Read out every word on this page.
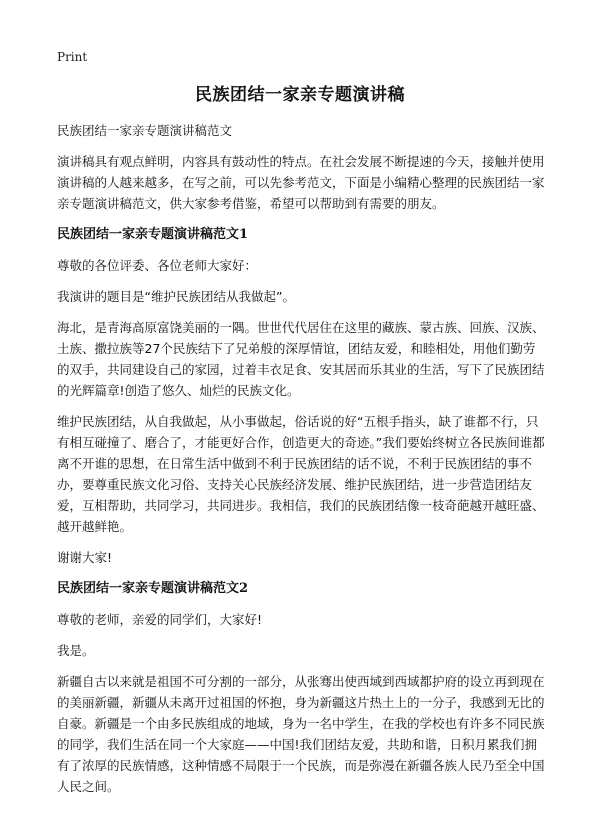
Print
民族团结一家亲专题演讲稿

民族团结一家亲专题演讲稿范文

演讲稿具有观点鲜明，内容具有鼓动性的特点。在社会发展不断提速的今天，接触并使用演讲稿的人越来越多，在写之前，可以先参考范文，下面是小编精心整理的民族团结一家亲专题演讲稿范文，供大家参考借鉴，希望可以帮助到有需要的朋友。

民族团结一家亲专题演讲稿范文1

尊敬的各位评委、各位老师大家好：

我演讲的题目是“维护民族团结从我做起”。

海北，是青海高原富饶美丽的一隅。世世代代居住在这里的藏族、蒙古族、回族、汉族、土族、撒拉族等27个民族结下了兄弟般的深厚情谊，团结友爱，和睦相处，用他们勤劳的双手，共同建设自己的家园，过着丰衣足食、安其居而乐其业的生活，写下了民族团结的光辉篇章!创造了悠久、灿烂的民族文化。

维护民族团结，从自我做起，从小事做起，俗话说的好“五根手指头，缺了谁都不行，只有相互碰撞了、磨合了，才能更好合作，创造更大的奇迹。”我们要始终树立各民族间谁都离不开谁的思想，在日常生活中做到不利于民族团结的话不说，不利于民族团结的事不办，要尊重民族文化习俗、支持关心民族经济发展、维护民族团结，进一步营造团结友爱，互相帮助，共同学习，共同进步。我相信，我们的民族团结像一枝奇葩越开越旺盛、越开越鲜艳。

谢谢大家!

民族团结一家亲专题演讲稿范文2

尊敬的老师，亲爱的同学们，大家好!

我是。

新疆自古以来就是祖国不可分割的一部分，从张骞出使西域到西域都护府的设立再到现在的美丽新疆，新疆从未离开过祖国的怀抱，身为新疆这片热土上的一分子，我感到无比的自豪。新疆是一个由多民族组成的地域，身为一名中学生，在我的学校也有许多不同民族的同学，我们生活在同一个大家庭——中国!我们团结友爱，共助和谐，日积月累我们拥有了浓厚的民族情感，这种情感不局限于一个民族，而是弥漫在新疆各族人民乃至全中国人民之间。
